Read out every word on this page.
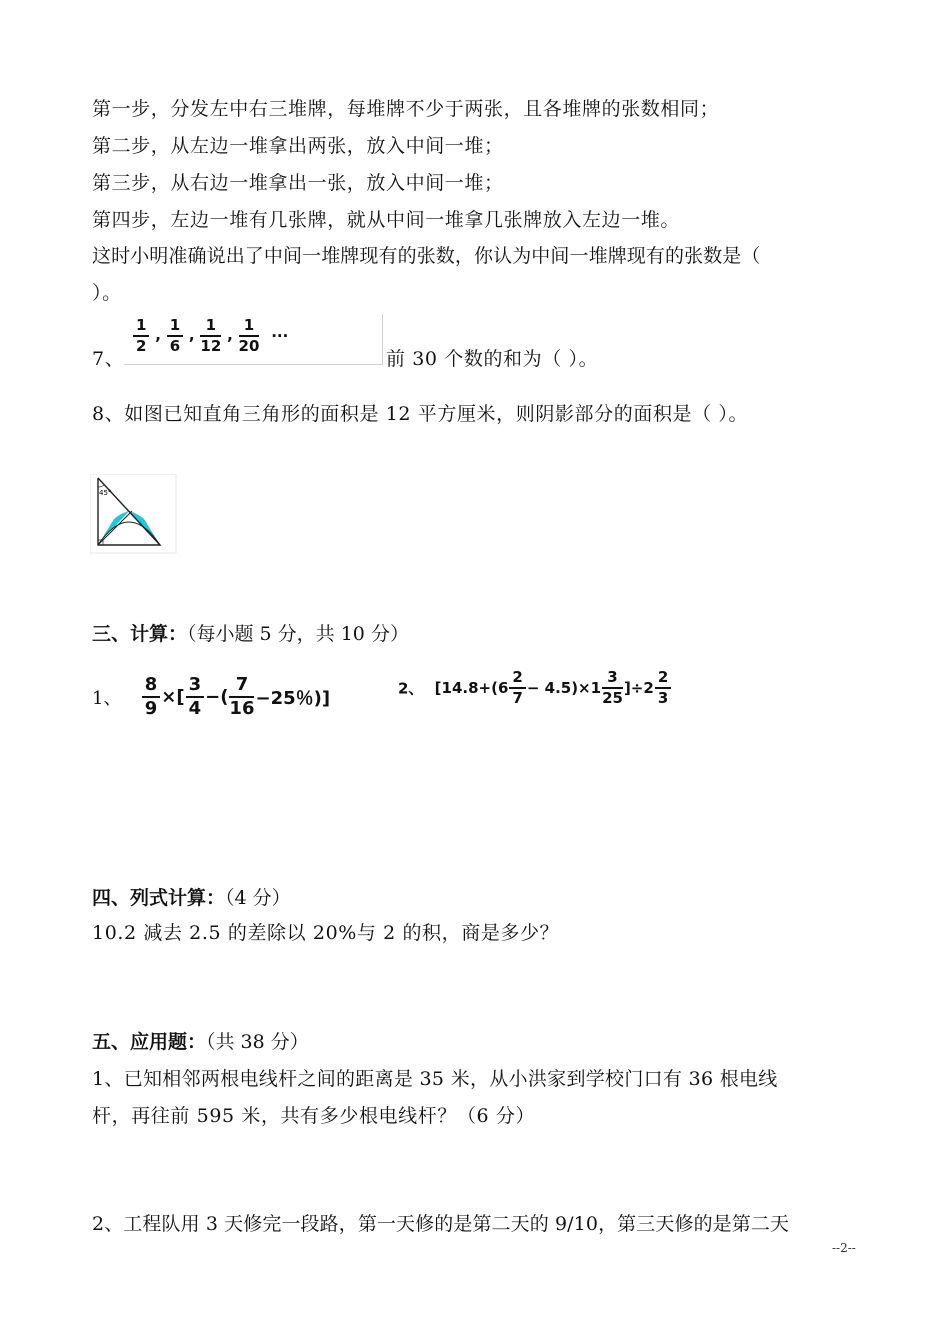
第一步，分发左中右三堆牌，每堆牌不少于两张，且各堆牌的张数相同；
第二步，从左边一堆拿出两张，放入中间一堆；
第三步，从右边一堆拿出一张，放入中间一堆；
第四步，左边一堆有几张牌，就从中间一堆拿几张牌放入左边一堆。
这时小明准确说出了中间一堆牌现有的张数，你认为中间一堆牌现有的张数是（
）。
7、
$\frac{1}{2}$ , $\frac{1}{6}$ , $\frac{1}{12}$ , $\frac{1}{20}$ ···
前 30 个数的和为（ ）。
8、如图已知直角三角形的面积是 12 平方厘米，则阴影部分的面积是（ ）。
45°
三、计算：（每小题 5 分，共 10 分）
1、 $\frac{8}{9}$ ×[ $\frac{3}{4}$ −( $\frac{7}{16} -25$％)]	2、 $[14.8+(6 \frac{2}{7} - 4.5)\times 1 \frac{3}{25} ]\div 2 \frac{2}{3}$
四、列式计算：（4 分）
10.2 减去 2.5 的差除以 20%与 2 的积，商是多少？
五、应用题：（共 38 分）
1、已知相邻两根电线杆之间的距离是 35 米，从小洪家到学校门口有 36 根电线
杆，再往前 595 米，共有多少根电线杆？（6 分）
2、工程队用 3 天修完一段路，第一天修的是第二天的 9/10，第三天修的是第二天
--2--
